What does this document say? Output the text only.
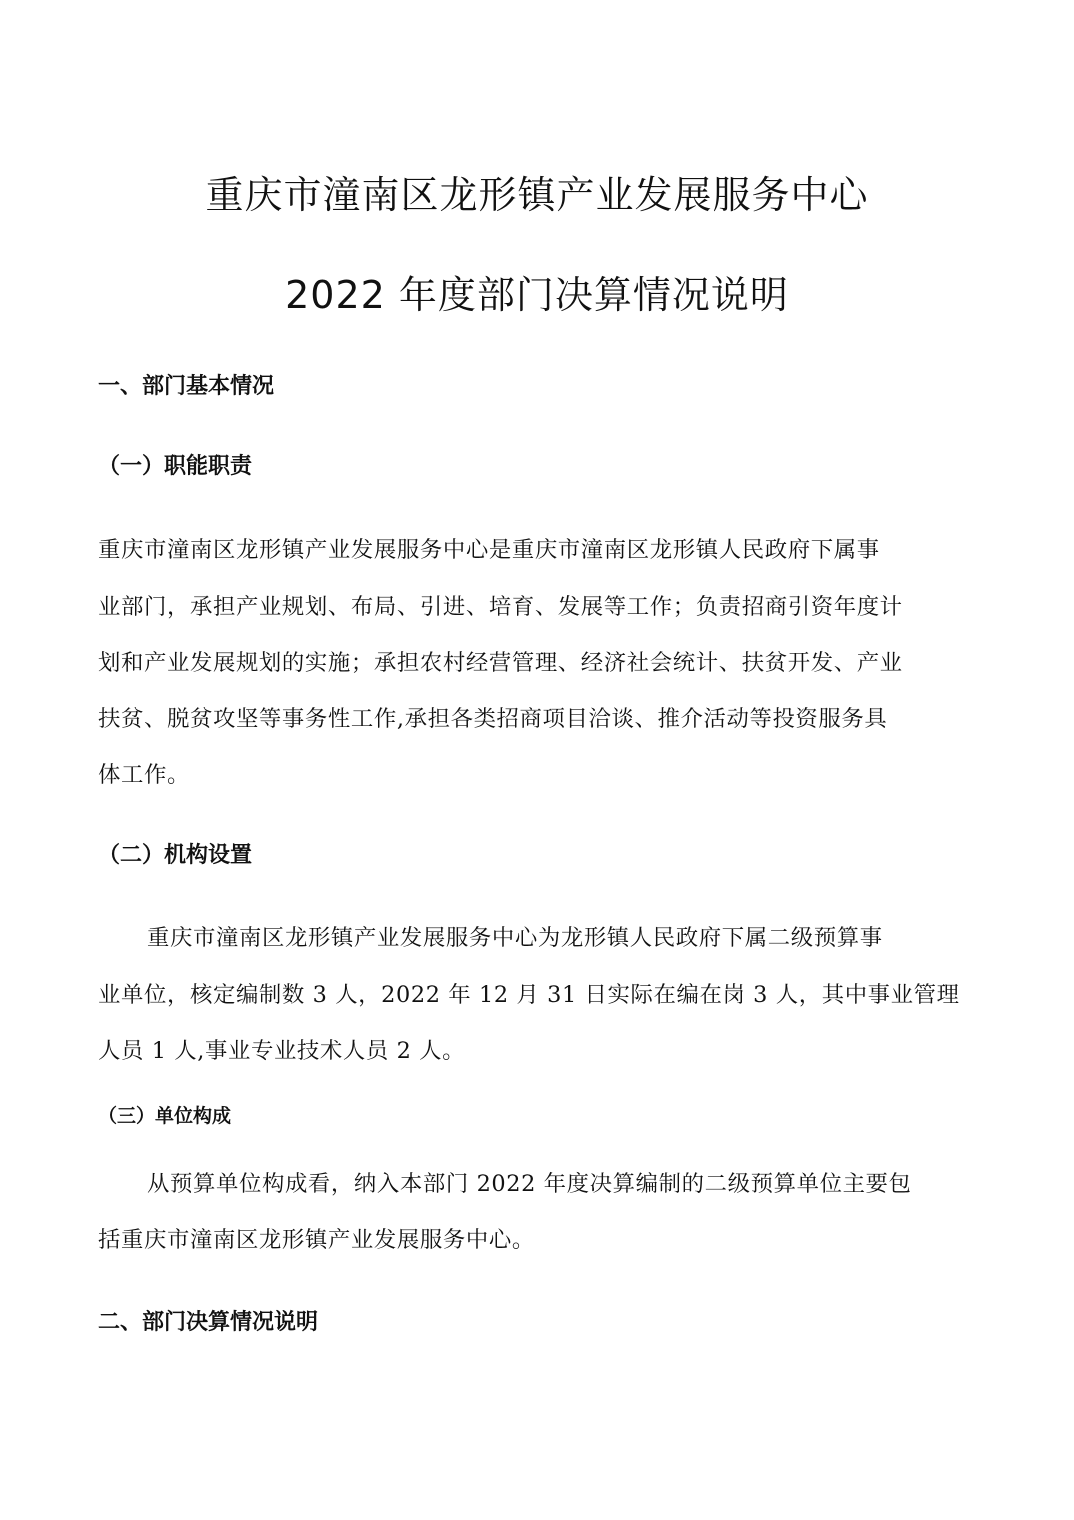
重庆市潼南区龙形镇产业发展服务中心
2022 年度部门决算情况说明
一、部门基本情况
（一）职能职责
重庆市潼南区龙形镇产业发展服务中心是重庆市潼南区龙形镇人民政府下属事
业部门，承担产业规划、布局、引进、培育、发展等工作；负责招商引资年度计
划和产业发展规划的实施；承担农村经营管理、经济社会统计、扶贫开发、产业
扶贫、脱贫攻坚等事务性工作,承担各类招商项目洽谈、推介活动等投资服务具
体工作。
（二）机构设置
重庆市潼南区龙形镇产业发展服务中心为龙形镇人民政府下属二级预算事
业单位，核定编制数 3 人，2022 年 12 月 31 日实际在编在岗 3 人，其中事业管理
人员 1 人,事业专业技术人员 2 人。
（三）单位构成
从预算单位构成看，纳入本部门 2022 年度决算编制的二级预算单位主要包
括重庆市潼南区龙形镇产业发展服务中心。
二、部门决算情况说明
